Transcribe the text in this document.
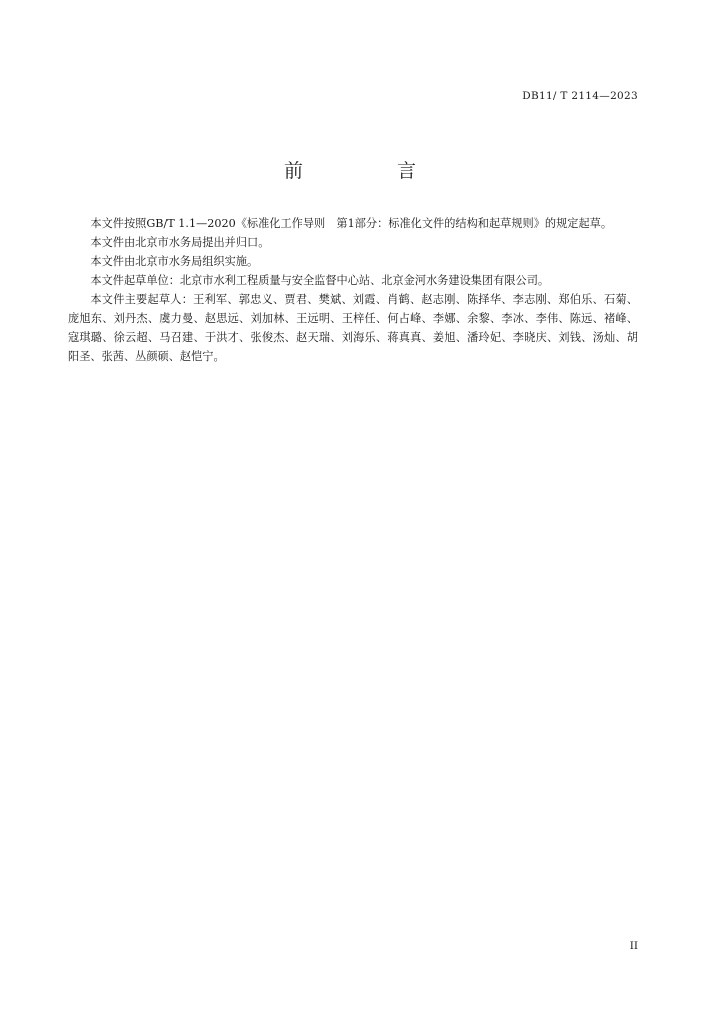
DB11/ T 2114—2023
前 言

本文件按照GB/T 1.1—2020《标准化工作导则　第1部分：标准化文件的结构和起草规则》的规定起草。

本文件由北京市水务局提出并归口。

本文件由北京市水务局组织实施。

本文件起草单位：北京市水利工程质量与安全监督中心站、北京金河水务建设集团有限公司。

本文件主要起草人：王利军、郭忠义、贾君、樊斌、刘霞、肖鹤、赵志刚、陈择华、李志刚、郑伯乐、石菊、庞旭东、刘丹杰、虞力曼、赵思远、刘加林、王远明、王梓任、何占峰、李娜、余黎、李冰、李伟、陈远、褚峰、寇琪璐、徐云超、马召建、于洪才、张俊杰、赵天瑞、刘海乐、蒋真真、姜旭、潘玲妃、李晓庆、刘钱、汤灿、胡阳圣、张茜、丛颜硕、赵恺宁。

II
